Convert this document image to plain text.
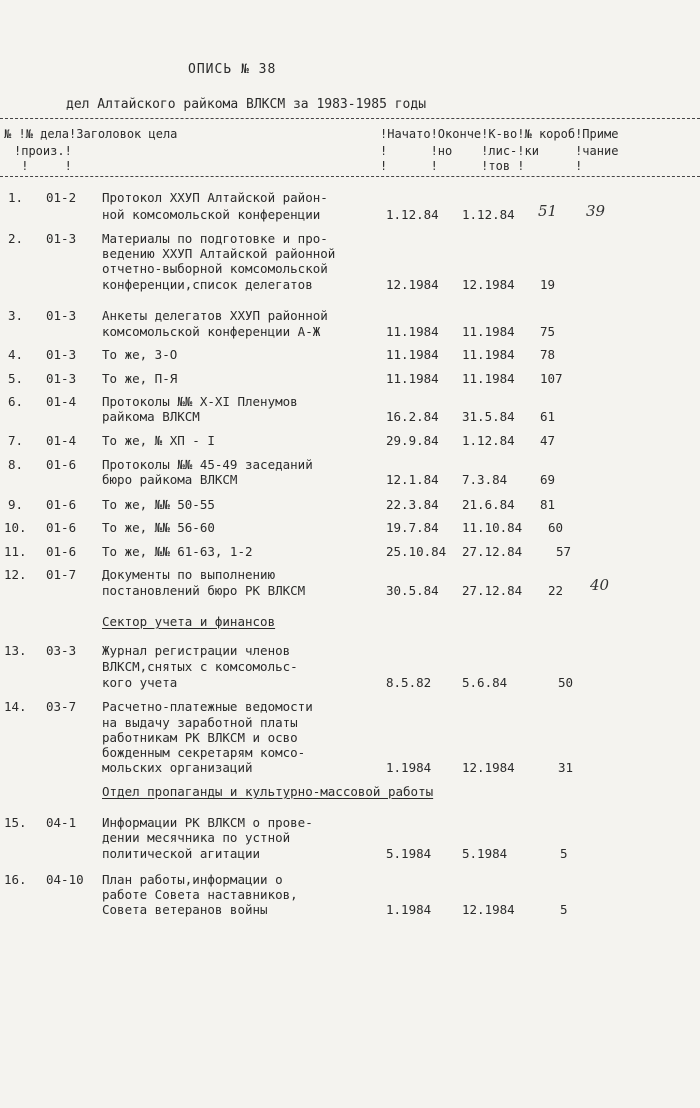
ОПИСЬ № 38
дел Алтайского райкома ВЛКСМ за 1983-1985 годы
№ !№ дела!Заголовок цела	!Начато!Оконче!К-во!№ короб!Приме
!произ.!	!      !но    !лис-!ки     !чание
!     !	!      !      !тов !       !
1. 01-2 Протокол XXУП Алтайской район-
ной комсомольской конференции	1.12.84 1.12.84 51 39
2. 01-3 Материалы по подготовке и про-
ведению XXУП Алтайской районной
отчетно-выборной комсомольской
конференции,список делегатов	12.1984 12.1984 19
3. 01-3 Анкеты делегатов XXУП районной
комсомольской конференции А-Ж	11.1984 11.1984 75
4. 01-3 То же, З-О	11.1984 11.1984 78
5. 01-3 То же, П-Я	11.1984 11.1984 107
6. 01-4 Протоколы №№ X-XI Пленумов
райкома ВЛКСМ	16.2.84 31.5.84 61
7. 01-4 То же, № ХП - I	29.9.84 1.12.84 47
8. 01-6 Протоколы №№ 45-49 заседаний
бюро райкома ВЛКСМ	12.1.84 7.3.84	69
9. 01-6 То же, №№ 50-55	22.3.84 21.6.84 81
10. 01-6 То же, №№ 56-60	19.7.84 11.10.84 60
11. 01-6 То же, №№ 61-63, 1-2	25.10.84 27.12.84	57
12. 01-7 Документы по выполнению
постановлений бюро РК ВЛКСМ	30.5.84 27.12.84 22 40
Сектор учета и финансов
13. 03-3 Журнал регистрации членов
ВЛКСМ,снятых с комсомольс-
кого учета	8.5.82 5.6.84	50
14. 03-7 Расчетно-платежные ведомости
на выдачу заработной платы
работникам РК ВЛКСМ и осво
божденным секретарям комсо-
мольских организаций	1.1984 12.1984	31
Отдел пропаганды и культурно-массовой работы
15. 04-1 Информации РК ВЛКСМ о прове-
дении месячника по устной
политической агитации	5.1984 5.1984	5
16. 04-10 План работы,информации о
работе Совета наставников,
Совета ветеранов войны	1.1984 12.1984	5
